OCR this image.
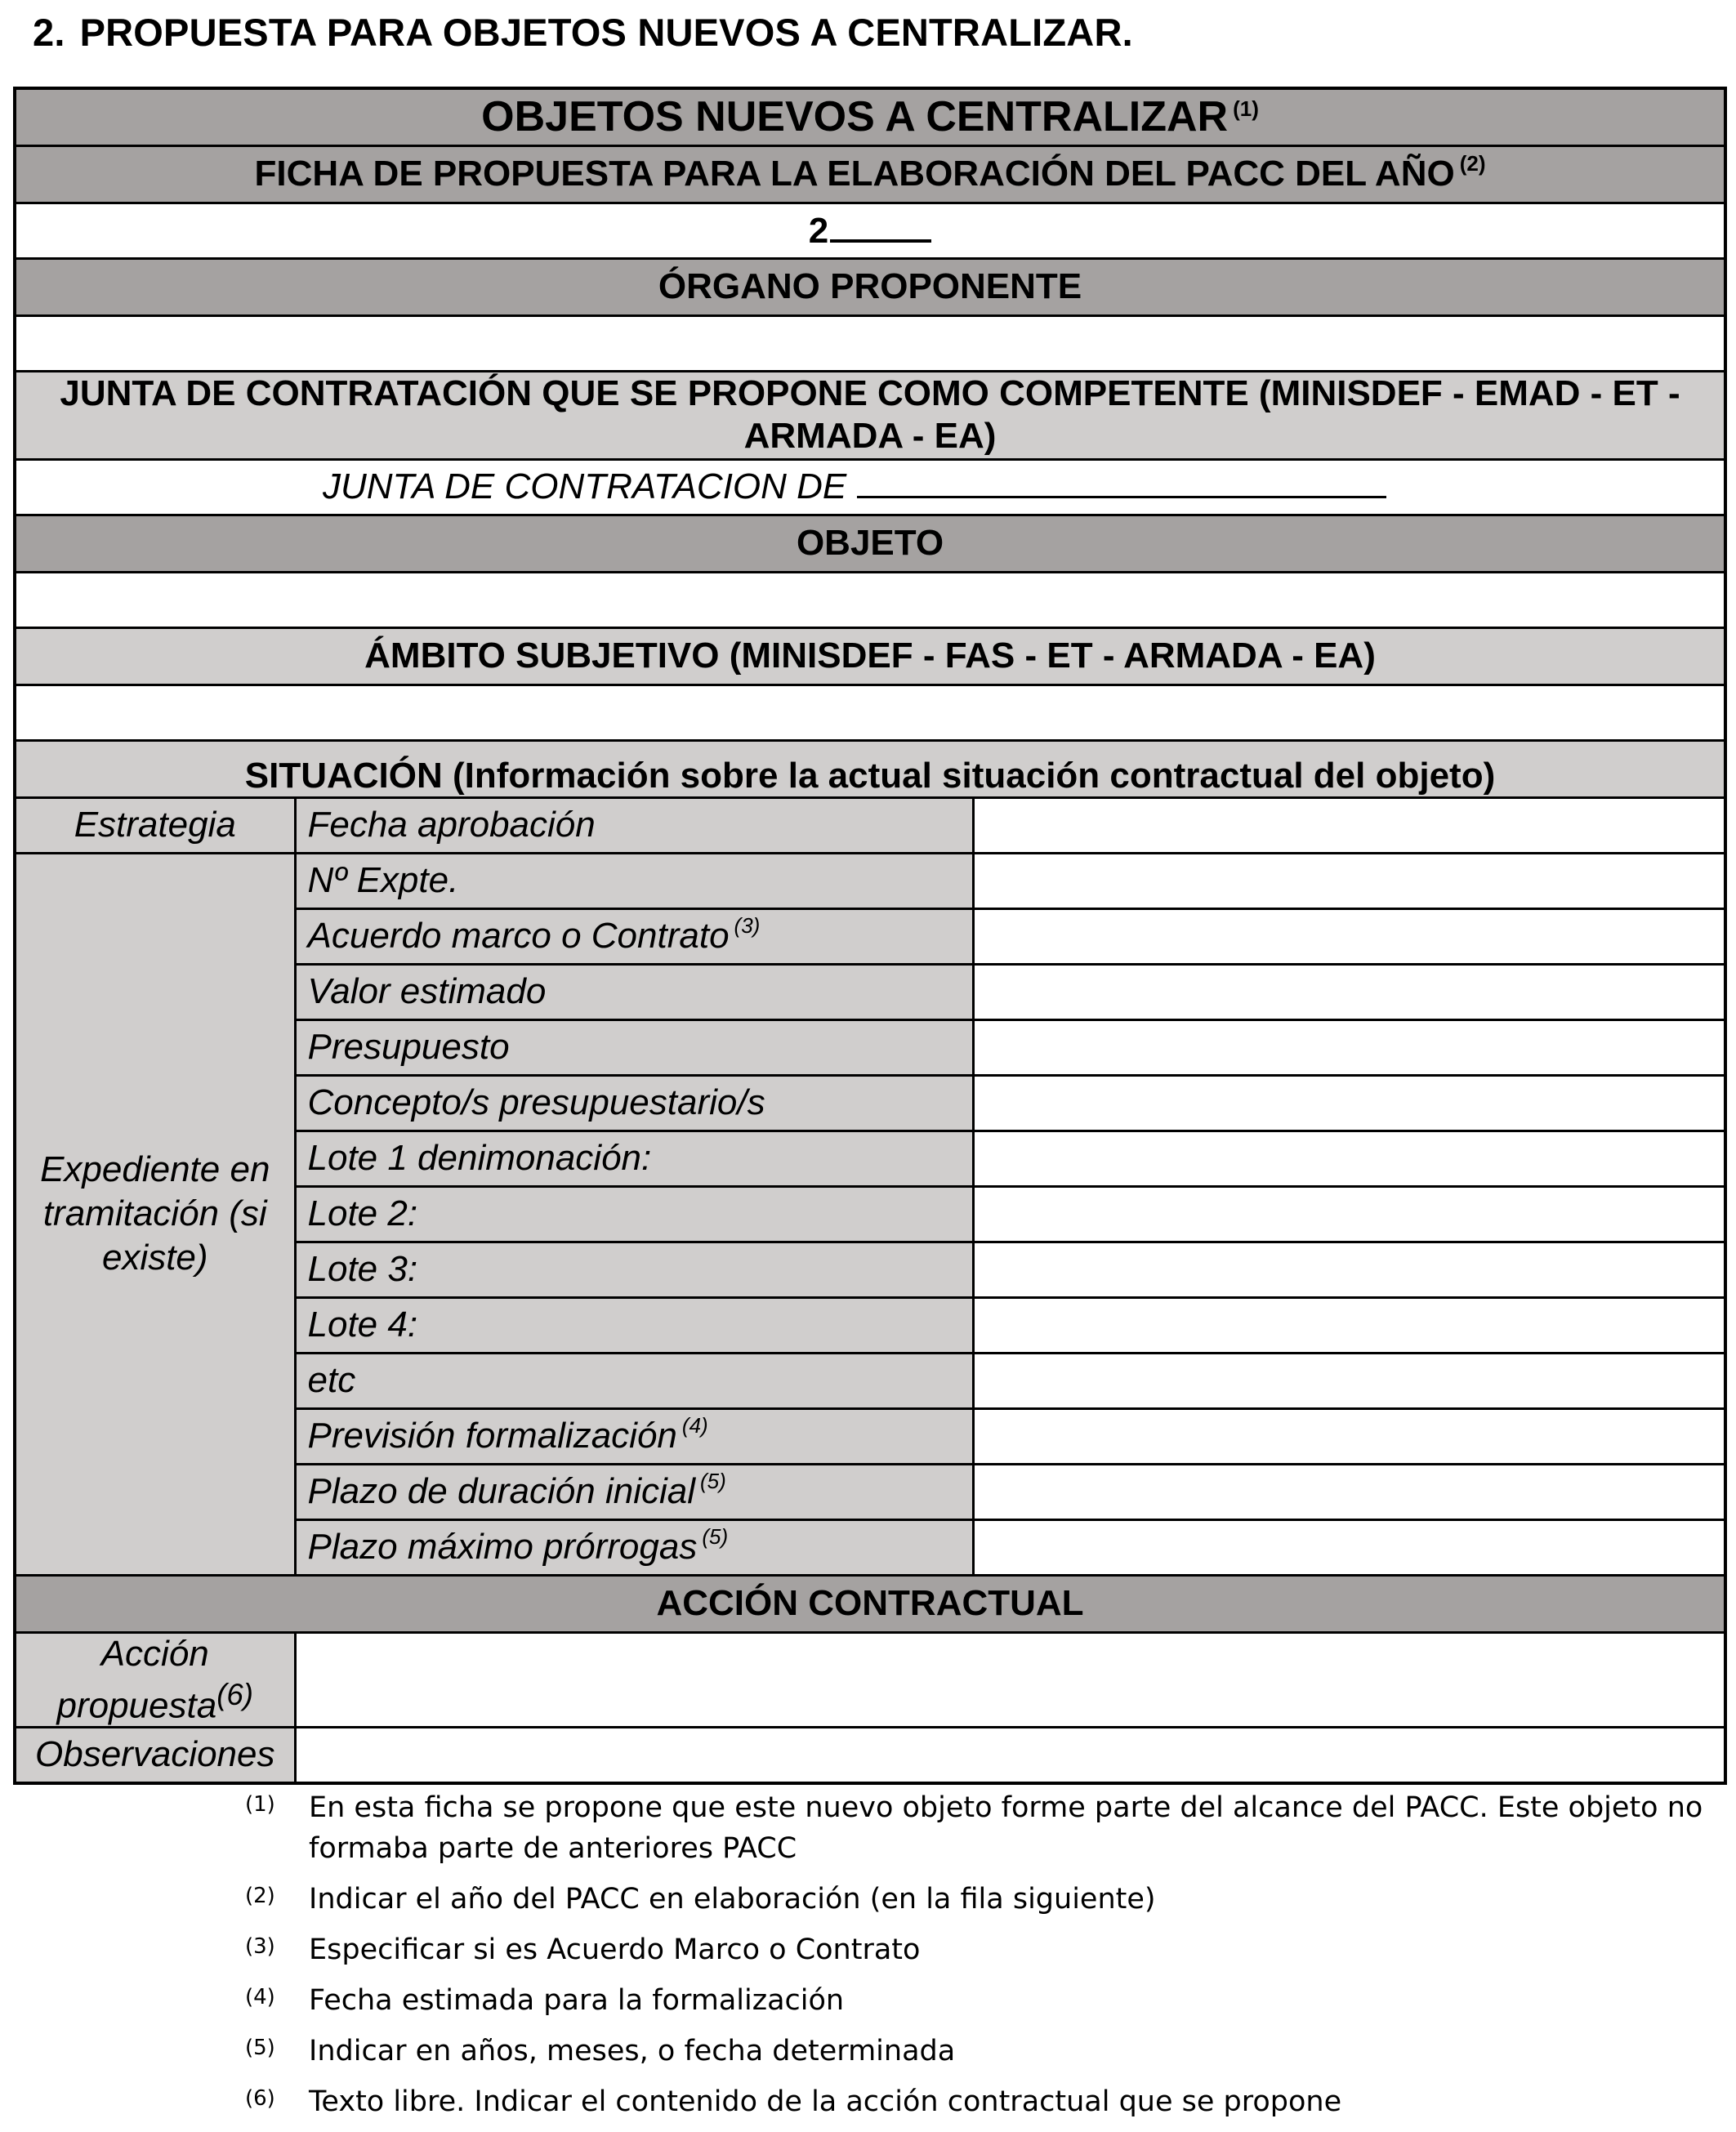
2. PROPUESTA PARA OBJETOS NUEVOS A CENTRALIZAR.
OBJETOS NUEVOS A CENTRALIZAR $^{(1)}$
FICHA DE PROPUESTA PARA LA ELABORACIÓN DEL PACC DEL AÑO $^{(2)}$
2		
ÓRGANO PROPONENTE		

JUNTA DE CONTRATACIÓN QUE SE PROPONE COMO COMPETENTE (MINISDEF - EMAD - ET - ARMADA - EA)		
JUNTA DE CONTRATACION DE		
OBJETO		

ÁMBITO SUBJETIVO (MINISDEF - FAS - ET - ARMADA - EA)		

SITUACIÓN (Información sobre la actual situación contractual del objeto)		
Estrategia	Fecha aprobación	
Expediente en tramitación (si existe)	Nº Expte.	
	Acuerdo marco o Contrato $^{(3)}$	
	Valor estimado	
	Presupuesto	
	Concepto/s presupuestario/s	
	Lote 1 denimonación:	
	Lote 2:	
	Lote 3:	
	Lote 4:	
	etc	
	Previsión formalización $^{(4)}$	
	Plazo de duración inicial $^{(5)}$	
	Plazo máximo prórrogas $^{(5)}$	
ACCIÓN CONTRACTUAL		
Acción propuesta$^{(6)}$	
Observaciones		
(1) En esta ficha se propone que este nuevo objeto forme parte del alcance del PACC. Este objeto no formaba parte de anteriores PACC
(2) Indicar el año del PACC en elaboración (en la fila siguiente)
(3) Especificar si es Acuerdo Marco o Contrato
(4) Fecha estimada para la formalización
(5) Indicar en años, meses, o fecha determinada
(6) Texto libre. Indicar el contenido de la acción contractual que se propone
